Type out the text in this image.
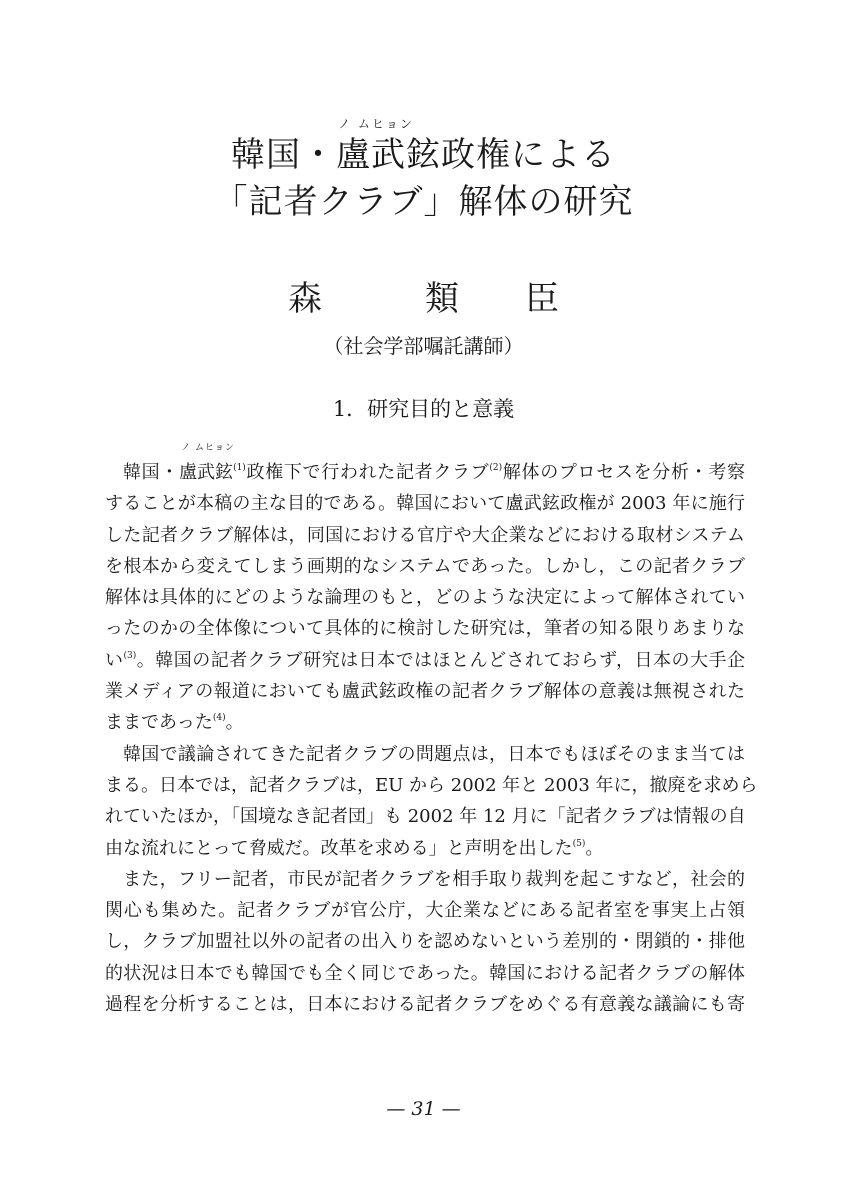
韓国・
ノ ムヒョン
盧武鉉政権による
「記者クラブ」解体の研究
森	類 臣
（社会学部嘱託講師）
1．研究目的と意義
韓国・
ノ ムヒョン
盧武鉉$^{(1)}$政権下で行われた記者クラブ$^{(2)}$解体のプロセスを分析・考察
することが本稿の主な目的である。韓国において盧武鉉政権が 2003 年に施行
した記者クラブ解体は，同国における官庁や大企業などにおける取材システム
を根本から変えてしまう画期的なシステムであった。しかし，この記者クラブ
解体は具体的にどのような論理のもと，どのような決定によって解体されてい
ったのかの全体像について具体的に検討した研究は，筆者の知る限りあまりな
い$^{(3)}$。韓国の記者クラブ研究は日本ではほとんどされておらず，日本の大手企
業メディアの報道においても盧武鉉政権の記者クラブ解体の意義は無視された
ままであった$^{(4)}$。
韓国で議論されてきた記者クラブの問題点は，日本でもほぼそのまま当ては
まる。日本では，記者クラブは，EU から 2002 年と 2003 年に，撤廃を求めら
れていたほか，「国境なき記者団」も 2002 年 12 月に「記者クラブは情報の自
由な流れにとって脅威だ。改革を求める」と声明を出した$^{(5)}$。
また，フリー記者，市民が記者クラブを相手取り裁判を起こすなど，社会的
関心も集めた。記者クラブが官公庁，大企業などにある記者室を事実上占領
し，クラブ加盟社以外の記者の出入りを認めないという差別的・閉鎖的・排他
的状況は日本でも韓国でも全く同じであった。韓国における記者クラブの解体
過程を分析することは，日本における記者クラブをめぐる有意義な議論にも寄
— 31 —
